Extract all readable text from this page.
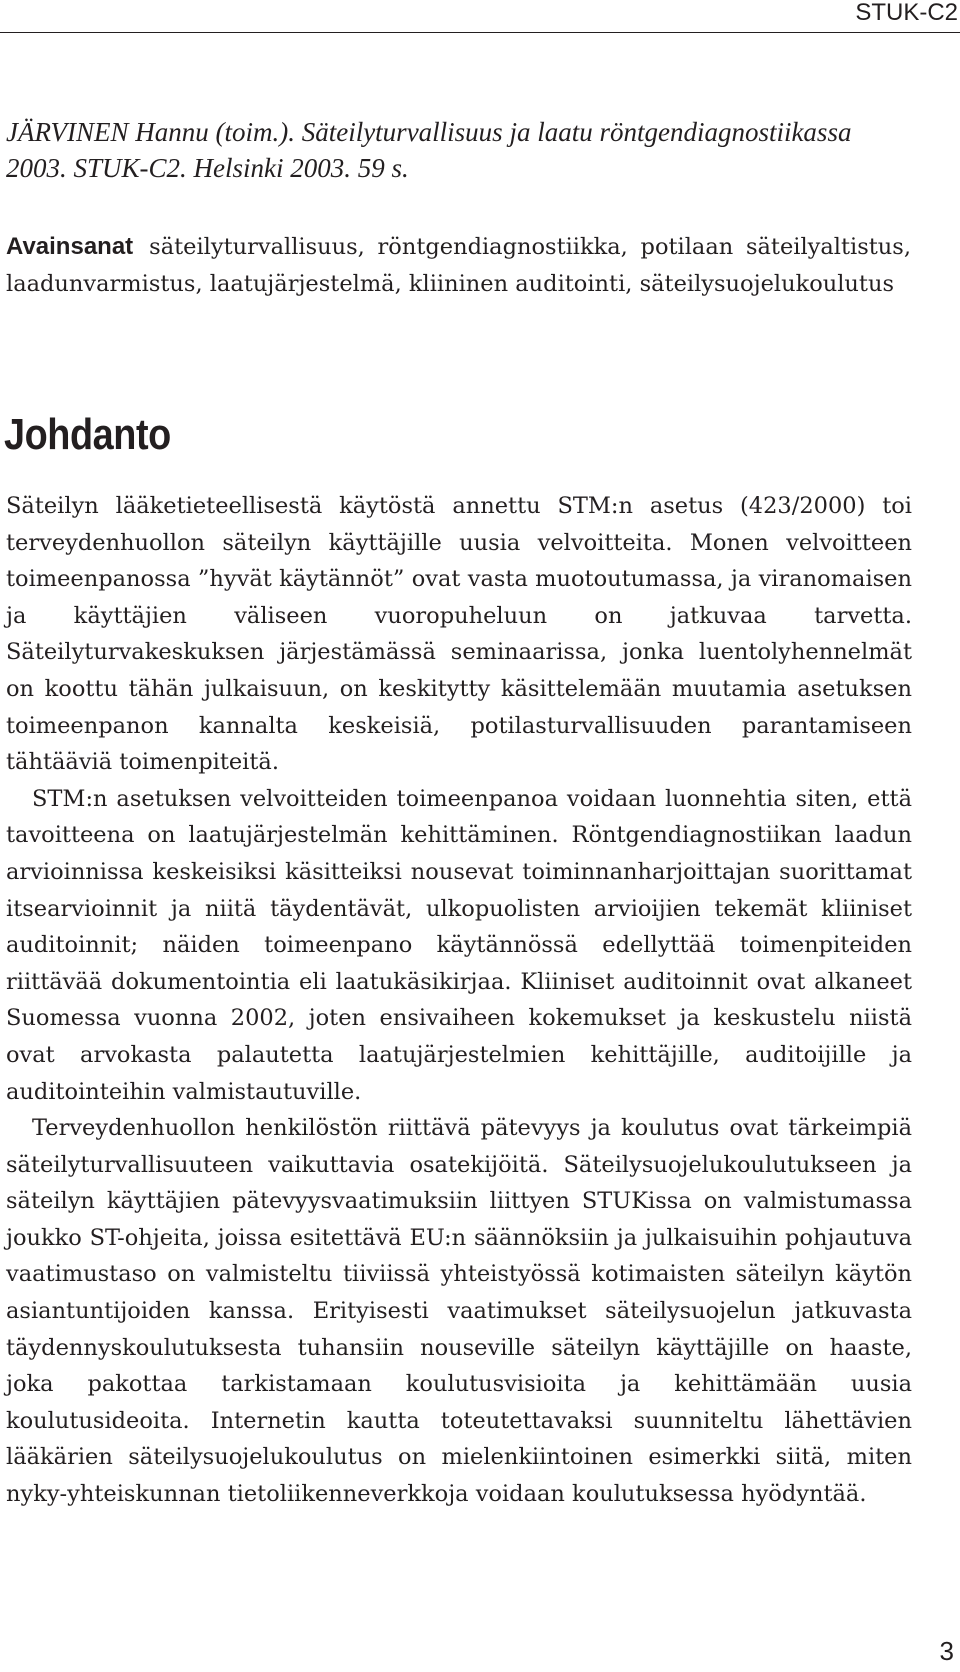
STUK-C2

JÄRVINEN Hannu (toim.). Säteilyturvallisuus ja laatu röntgendiagnostiikassa 2003. STUK-C2. Helsinki 2003. 59 s.

Avainsanat säteilyturvallisuus, röntgendiagnostiikka, potilaan säteilyaltistus, laadunvarmistus, laatujärjestelmä, kliininen auditointi, säteilysuojelukoulutus

Johdanto

Säteilyn lääketieteellisestä käytöstä annettu STM:n asetus (423/2000) toi terveydenhuollon säteilyn käyttäjille uusia velvoitteita. Monen velvoitteen toimeenpanossa ”hyvät käytännöt” ovat vasta muotoutumassa, ja viranomaisen ja käyttäjien väliseen vuoropuheluun on jatkuvaa tarvetta. Säteilyturvakeskuksen järjestämässä seminaarissa, jonka luentolyhennelmät on koottu tähän julkaisuun, on keskitytty käsittelemään muutamia asetuksen toimeenpanon kannalta keskeisiä, potilasturvallisuuden parantamiseen tähtääviä toimenpiteitä.

STM:n asetuksen velvoitteiden toimeenpanoa voidaan luonnehtia siten, että tavoitteena on laatujärjestelmän kehittäminen. Röntgendiagnostiikan laadun arvioinnissa keskeisiksi käsitteiksi nousevat toiminnanharjoittajan suorittamat itsearvioinnit ja niitä täydentävät, ulkopuolisten arvioijien tekemät kliiniset auditoinnit; näiden toimeenpano käytännössä edellyttää toimenpiteiden riittävää dokumentointia eli laatukäsikirjaa. Kliiniset auditoinnit ovat alkaneet Suomessa vuonna 2002, joten ensivaiheen kokemukset ja keskustelu niistä ovat arvokasta palautetta laatujärjestelmien kehittäjille, auditoijille ja auditointeihin valmistautuville.

Terveydenhuollon henkilöstön riittävä pätevyys ja koulutus ovat tärkeimpiä säteilyturvallisuuteen vaikuttavia osatekijöitä. Säteilysuojelukoulutukseen ja säteilyn käyttäjien pätevyysvaatimuksiin liittyen STUKissa on valmistumassa joukko ST-ohjeita, joissa esitettävä EU:n säännöksiin ja julkaisuihin pohjautuva vaatimustaso on valmisteltu tiiviissä yhteistyössä kotimaisten säteilyn käytön asiantuntijoiden kanssa. Erityisesti vaatimukset säteilysuojelun jatkuvasta täydennyskoulutuksesta tuhansiin nouseville säteilyn käyttäjille on haaste, joka pakottaa tarkistamaan koulutusvisioita ja kehittämään uusia koulutusideoita. Internetin kautta toteutettavaksi suunniteltu lähettävien lääkärien säteilysuojelukoulutus on mielenkiintoinen esimerkki siitä, miten nyky-yhteiskunnan tietoliikenneverkkoja voidaan koulutuksessa hyödyntää.

3
